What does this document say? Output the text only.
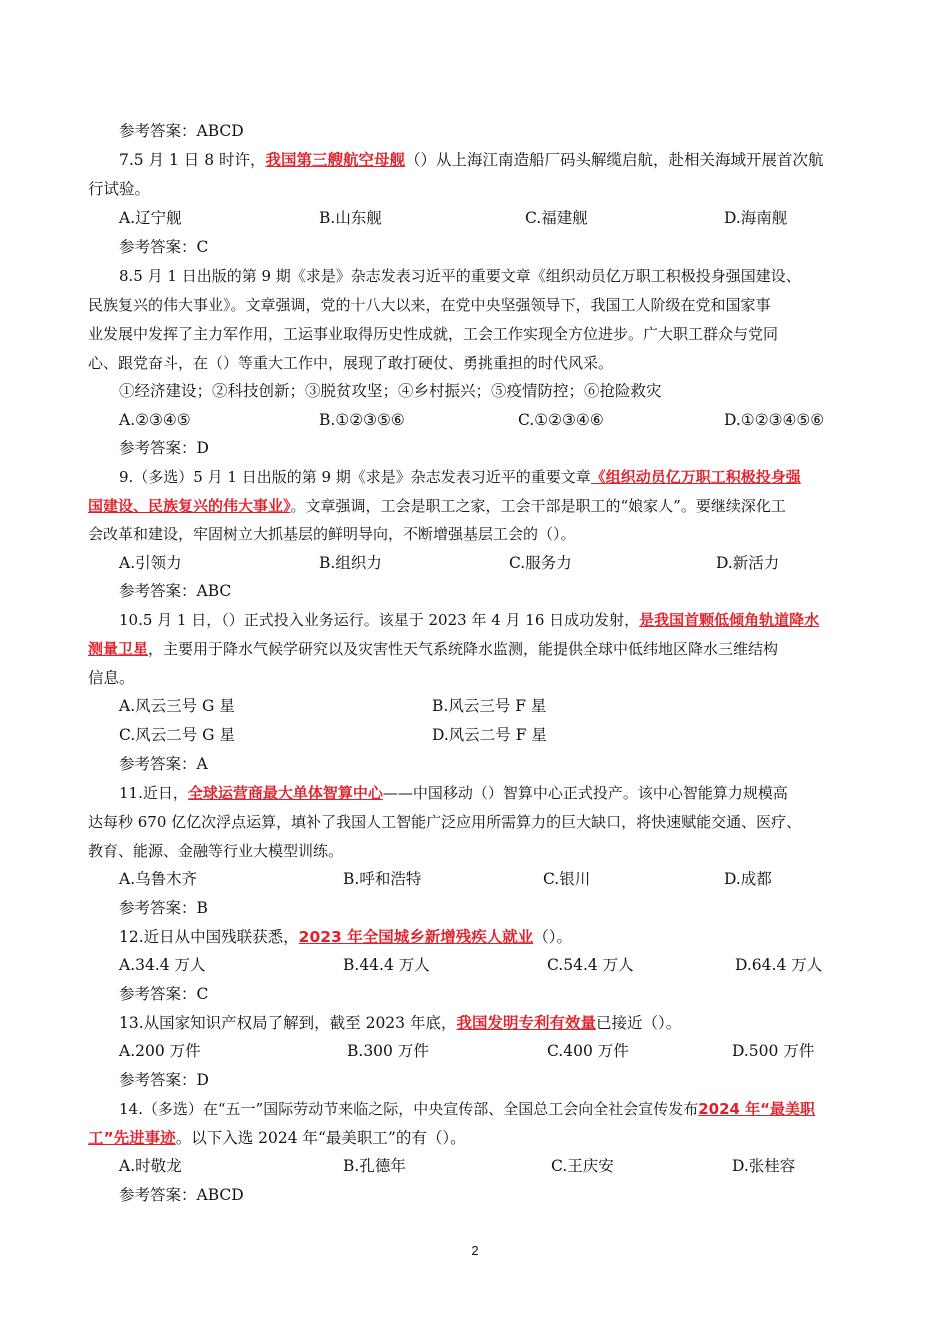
参考答案：ABCD
7.5 月 1 日 8 时许，我国第三艘航空母舰（）从上海江南造船厂码头解缆启航，赴相关海域开展首次航
行试验。
A.辽宁舰	B.山东舰	C.福建舰	D.海南舰
参考答案：C
8.5 月 1 日出版的第 9 期《求是》杂志发表习近平的重要文章《组织动员亿万职工积极投身强国建设、
民族复兴的伟大事业》。文章强调，党的十八大以来，在党中央坚强领导下，我国工人阶级在党和国家事
业发展中发挥了主力军作用，工运事业取得历史性成就，工会工作实现全方位进步。广大职工群众与党同
心、跟党奋斗，在（）等重大工作中，展现了敢打硬仗、勇挑重担的时代风采。
①经济建设；②科技创新；③脱贫攻坚；④乡村振兴；⑤疫情防控；⑥抢险救灾
A.②③④⑤	B.①②③⑤⑥	C.①②③④⑥	D.①②③④⑤⑥
参考答案：D
9.（多选）5 月 1 日出版的第 9 期《求是》杂志发表习近平的重要文章《组织动员亿万职工积极投身强
国建设、民族复兴的伟大事业》。文章强调，工会是职工之家，工会干部是职工的“娘家人”。要继续深化工
会改革和建设，牢固树立大抓基层的鲜明导向，不断增强基层工会的（）。
A.引领力	B.组织力	C.服务力	D.新活力
参考答案：ABC
10.5 月 1 日，（）正式投入业务运行。该星于 2023 年 4 月 16 日成功发射，是我国首颗低倾角轨道降水
测量卫星，主要用于降水气候学研究以及灾害性天气系统降水监测，能提供全球中低纬地区降水三维结构
信息。
A.风云三号 G 星	B.风云三号 F 星
C.风云二号 G 星	D.风云二号 F 星
参考答案：A
11.近日，全球运营商最大单体智算中心——中国移动（）智算中心正式投产。该中心智能算力规模高
达每秒 670 亿亿次浮点运算，填补了我国人工智能广泛应用所需算力的巨大缺口，将快速赋能交通、医疗、
教育、能源、金融等行业大模型训练。
A.乌鲁木齐	B.呼和浩特	C.银川	D.成都
参考答案：B
12.近日从中国残联获悉，2023 年全国城乡新增残疾人就业（）。
A.34.4 万人	B.44.4 万人	C.54.4 万人	D.64.4 万人
参考答案：C
13.从国家知识产权局了解到，截至 2023 年底，我国发明专利有效量已接近（）。
A.200 万件	B.300 万件	C.400 万件	D.500 万件
参考答案：D
14.（多选）在“五一”国际劳动节来临之际，中央宣传部、全国总工会向全社会宣传发布2024 年“最美职
工”先进事迹。以下入选 2024 年“最美职工”的有（）。
A.时敬龙	B.孔德年	C.王庆安	D.张桂容
参考答案：ABCD
2
